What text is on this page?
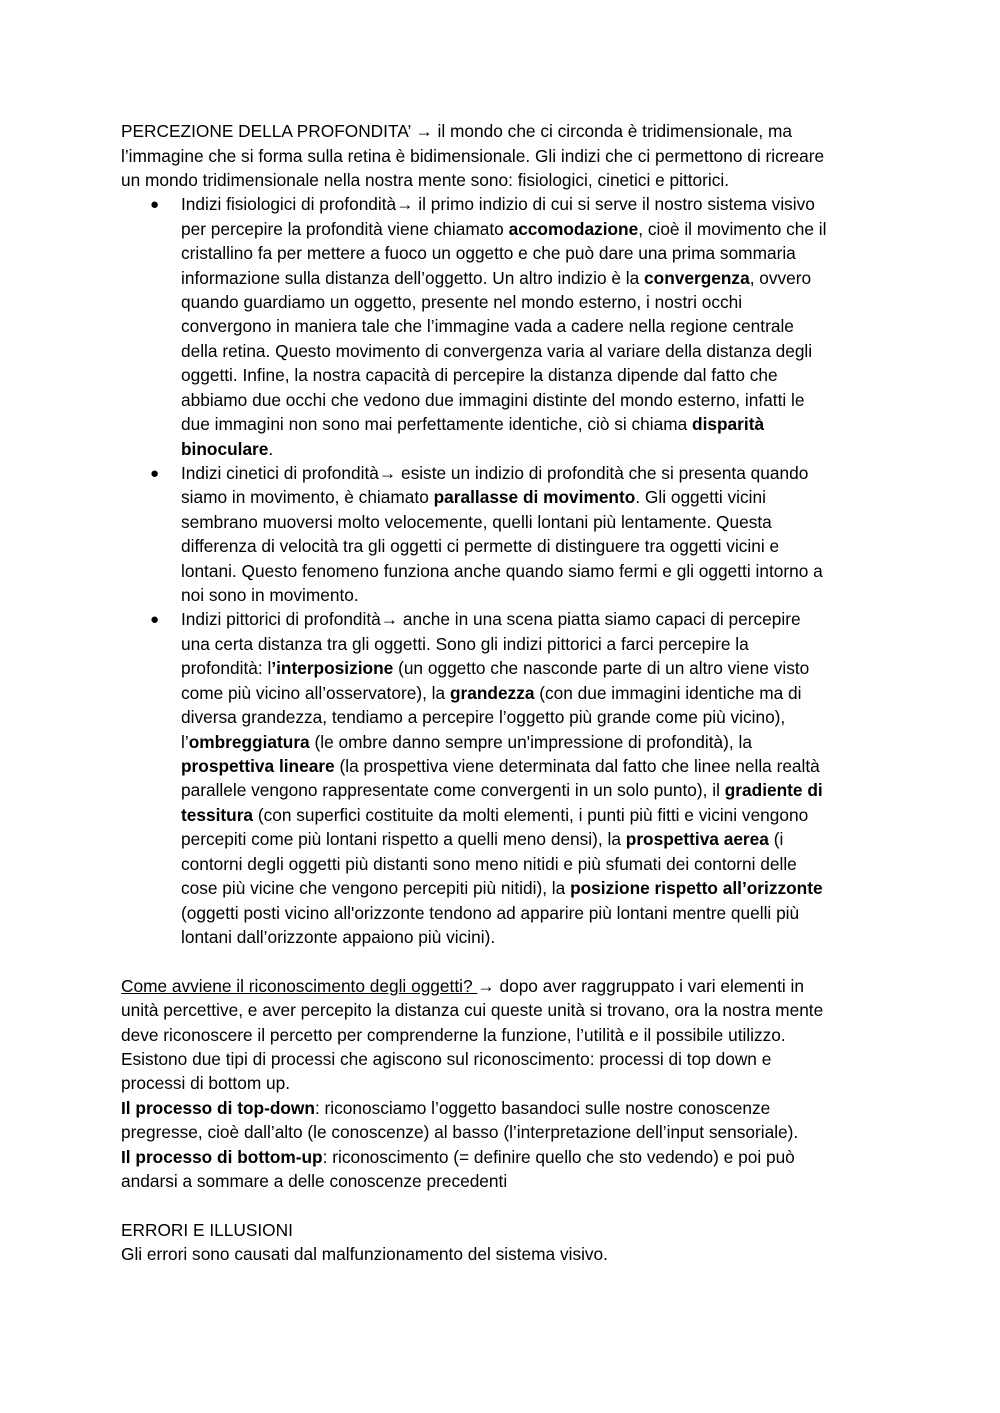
PERCEZIONE DELLA PROFONDITA’ → il mondo che ci circonda è tridimensionale, ma
l’immagine che si forma sulla retina è bidimensionale. Gli indizi che ci permettono di ricreare
un mondo tridimensionale nella nostra mente sono: fisiologici, cinetici e pittorici.
● Indizi fisiologici di profondità→ il primo indizio di cui si serve il nostro sistema visivo
per percepire la profondità viene chiamato accomodazione, cioè il movimento che il
cristallino fa per mettere a fuoco un oggetto e che può dare una prima sommaria
informazione sulla distanza dell’oggetto. Un altro indizio è la convergenza, ovvero
quando guardiamo un oggetto, presente nel mondo esterno, i nostri occhi
convergono in maniera tale che l’immagine vada a cadere nella regione centrale
della retina. Questo movimento di convergenza varia al variare della distanza degli
oggetti. Infine, la nostra capacità di percepire la distanza dipende dal fatto che
abbiamo due occhi che vedono due immagini distinte del mondo esterno, infatti le
due immagini non sono mai perfettamente identiche, ciò si chiama disparità
binoculare.
● Indizi cinetici di profondità→ esiste un indizio di profondità che si presenta quando
siamo in movimento, è chiamato parallasse di movimento. Gli oggetti vicini
sembrano muoversi molto velocemente, quelli lontani più lentamente. Questa
differenza di velocità tra gli oggetti ci permette di distinguere tra oggetti vicini e
lontani. Questo fenomeno funziona anche quando siamo fermi e gli oggetti intorno a
noi sono in movimento.
● Indizi pittorici di profondità→ anche in una scena piatta siamo capaci di percepire
una certa distanza tra gli oggetti. Sono gli indizi pittorici a farci percepire la
profondità: l’interposizione (un oggetto che nasconde parte di un altro viene visto
come più vicino all’osservatore), la grandezza (con due immagini identiche ma di
diversa grandezza, tendiamo a percepire l’oggetto più grande come più vicino),
l’ombreggiatura (le ombre danno sempre un'impressione di profondità), la
prospettiva lineare (la prospettiva viene determinata dal fatto che linee nella realtà
parallele vengono rappresentate come convergenti in un solo punto), il gradiente di
tessitura (con superfici costituite da molti elementi, i punti più fitti e vicini vengono
percepiti come più lontani rispetto a quelli meno densi), la prospettiva aerea (i
contorni degli oggetti più distanti sono meno nitidi e più sfumati dei contorni delle
cose più vicine che vengono percepiti più nitidi), la posizione rispetto all’orizzonte
(oggetti posti vicino all'orizzonte tendono ad apparire più lontani mentre quelli più
lontani dall’orizzonte appaiono più vicini).
Come avviene il riconoscimento degli oggetti? → dopo aver raggruppato i vari elementi in
unità percettive, e aver percepito la distanza cui queste unità si trovano, ora la nostra mente
deve riconoscere il percetto per comprenderne la funzione, l’utilità e il possibile utilizzo.
Esistono due tipi di processi che agiscono sul riconoscimento: processi di top down e
processi di bottom up.
Il processo di top-down: riconosciamo l’oggetto basandoci sulle nostre conoscenze
pregresse, cioè dall’alto (le conoscenze) al basso (l’interpretazione dell’input sensoriale).
Il processo di bottom-up: riconoscimento (= definire quello che sto vedendo) e poi può
andarsi a sommare a delle conoscenze precedenti
ERRORI E ILLUSIONI
Gli errori sono causati dal malfunzionamento del sistema visivo.
